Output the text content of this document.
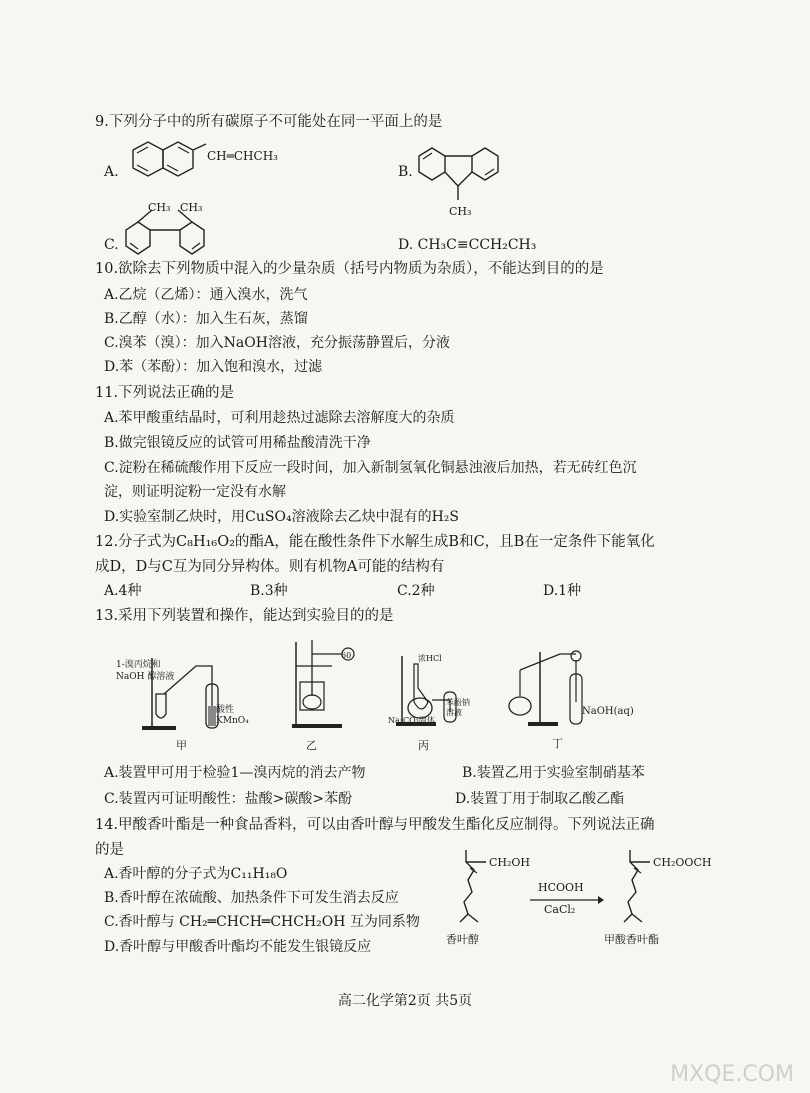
9.下列分子中的所有碳原子不可能处在同一平面上的是
A.
CH═CHCH₃
B.
CH₃
C.
CH₃ CH₃
D. CH₃C≡CCH₂CH₃
10.欲除去下列物质中混入的少量杂质（括号内物质为杂质），不能达到目的的是
A.乙烷（乙烯）：通入溴水，洗气
B.乙醇（水）：加入生石灰，蒸馏
C.溴苯（溴）：加入NaOH溶液，充分振荡静置后，分液
D.苯（苯酚）：加入饱和溴水，过滤
11.下列说法正确的是
A.苯甲酸重结晶时，可利用趁热过滤除去溶解度大的杂质
B.做完银镜反应的试管可用稀盐酸清洗干净
C.淀粉在稀硫酸作用下反应一段时间，加入新制氢氧化铜悬浊液后加热，若无砖红色沉
淀，则证明淀粉一定没有水解
D.实验室制乙炔时，用CuSO₄溶液除去乙炔中混有的H₂S
12.分子式为C₈H₁₆O₂的酯A，能在酸性条件下水解生成B和C，且B在一定条件下能氧化
成D，D与C互为同分异构体。则有机物A可能的结构有
A.4种	B.3种	C.2种	D.1种
13.采用下列装置和操作，能达到实验目的的是
1-溴丙烷和
NaOH 醇溶液
酸性
KMnO₄
60	浓HCl
Na₂CO₃固体
苯酚钠
溶液	NaOH(aq)
甲	乙	丙	丁
A.装置甲可用于检验1—溴丙烷的消去产物	B.装置乙用于实验室制硝基苯
C.装置丙可证明酸性：盐酸>碳酸>苯酚	D.装置丁用于制取乙酸乙酯
14.甲酸香叶酯是一种食品香料，可以由香叶醇与甲酸发生酯化反应制得。下列说法正确
的是
A.香叶醇的分子式为C₁₁H₁₈O
B.香叶醇在浓硫酸、加热条件下可发生消去反应
C.香叶醇与 CH₂═CHCH═CHCH₂OH 互为同系物
D.香叶醇与甲酸香叶酯均不能发生银镜反应
CH₂OH
HCOOH
CaCl₂
CH₂OOCH
香叶醇	甲酸香叶酯
高二化学第2页 共5页
MXQE.COM
